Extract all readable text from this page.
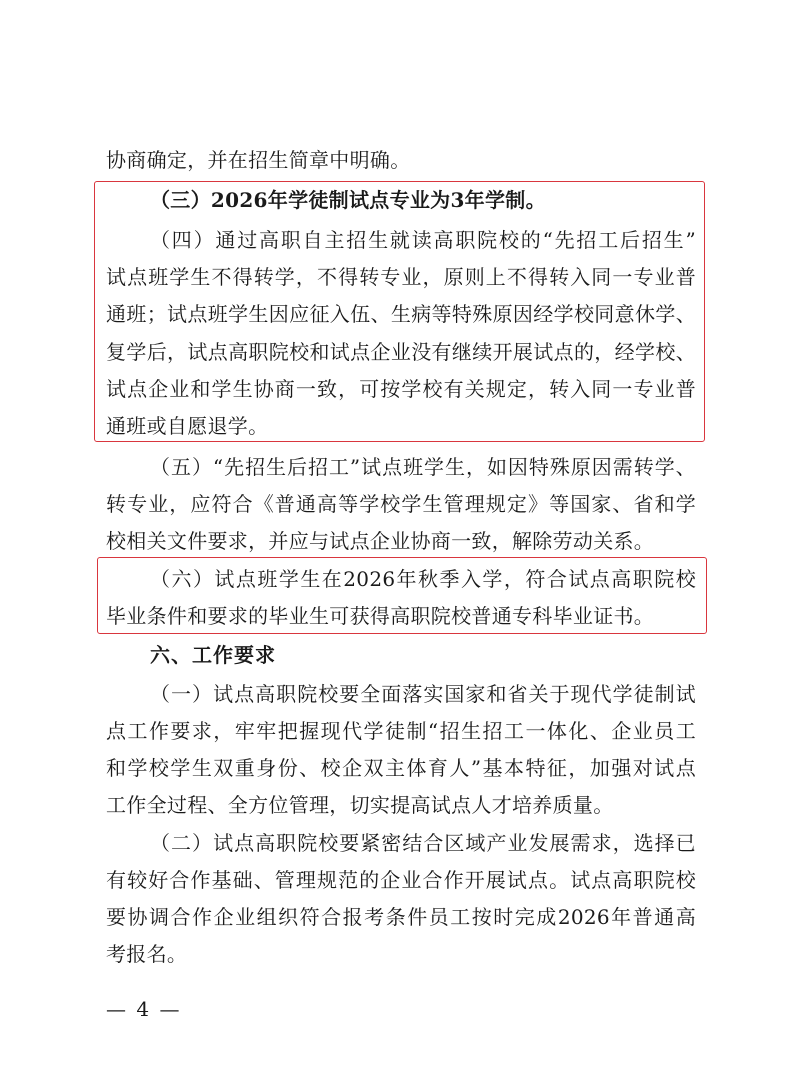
协商确定，并在招生简章中明确。
（三）2026年学徒制试点专业为3年学制。
（四）通过高职自主招生就读高职院校的“先招工后招生”
试点班学生不得转学，不得转专业，原则上不得转入同一专业普
通班；试点班学生因应征入伍、生病等特殊原因经学校同意休学、
复学后，试点高职院校和试点企业没有继续开展试点的，经学校、
试点企业和学生协商一致，可按学校有关规定，转入同一专业普
通班或自愿退学。
（五）“先招生后招工”试点班学生，如因特殊原因需转学、
转专业，应符合《普通高等学校学生管理规定》等国家、省和学
校相关文件要求，并应与试点企业协商一致，解除劳动关系。
（六）试点班学生在2026年秋季入学，符合试点高职院校
毕业条件和要求的毕业生可获得高职院校普通专科毕业证书。
六、工作要求
（一）试点高职院校要全面落实国家和省关于现代学徒制试
点工作要求，牢牢把握现代学徒制“招生招工一体化、企业员工
和学校学生双重身份、校企双主体育人”基本特征，加强对试点
工作全过程、全方位管理，切实提高试点人才培养质量。
（二）试点高职院校要紧密结合区域产业发展需求，选择已
有较好合作基础、管理规范的企业合作开展试点。试点高职院校
要协调合作企业组织符合报考条件员工按时完成2026年普通高
考报名。
— 4 —
